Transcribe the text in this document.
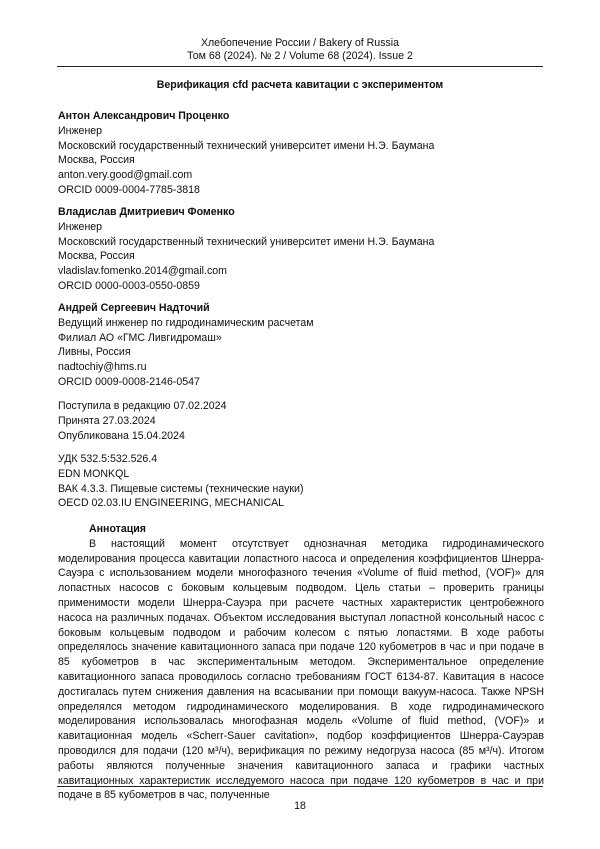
Хлебопечение России / Bakery of Russia
Том 68 (2024). № 2 / Volume 68 (2024). Issue 2
Верификация cfd расчета кавитации с экспериментом
Антон Александрович Проценко
Инженер
Московский государственный технический университет имени Н.Э. Баумана
Москва, Россия
anton.very.good@gmail.com
ORCID 0009-0004-7785-3818
Владислав Дмитриевич Фоменко
Инженер
Московский государственный технический университет имени Н.Э. Баумана
Москва, Россия
vladislav.fomenko.2014@gmail.com
ORCID 0000-0003-0550-0859
Андрей Сергеевич Надточий
Ведущий инженер по гидродинамическим расчетам
Филиал АО «ГМС Ливгидромаш»
Ливны, Россия
nadtochiy@hms.ru
ORCID 0009-0008-2146-0547
Поступила в редакцию 07.02.2024
Принята 27.03.2024
Опубликована 15.04.2024
УДК 532.5:532.526.4
EDN MONKQL
ВАК 4.3.3. Пищевые системы (технические науки)
OECD 02.03.IU ENGINEERING, MECHANICAL
Аннотация

В настоящий момент отсутствует однозначная методика гидродинамического моделирования процесса кавитации лопастного насоса и определения коэффициентов Шнерра-Сауэра с использованием модели многофазного течения «Volume of fluid method, (VOF)» для лопастных насосов с боковым кольцевым подводом. Цель статьи – проверить границы применимости модели Шнерра-Сауэра при расчете частных характеристик центробежного насоса на различных подачах. Объектом исследования выступал лопастной консольный насос с боковым кольцевым подводом и рабочим колесом с пятью лопастями. В ходе работы определялось значение кавитационного запаса при подаче 120 кубометров в час и при подаче в 85 кубометров в час экспериментальным методом. Экспериментальное определение кавитационного запаса проводилось согласно требованиям ГОСТ 6134-87. Кавитация в насосе достигалась путем снижения давления на всасывании при помощи вакуум-насоса. Также NPSH определялся методом гидродинамического моделирования. В ходе гидродинамического моделирования использовалась многофазная модель «Volume of fluid method, (VOF)» и кавитационная модель «Scherr-Sauer cavitation», подбор коэффициентов Шнерра-Сауэрав проводился для подачи (120 м³/ч), верификация по режиму недогруза насоса (85 м³/ч). Итогом работы являются полученные значения кавитационного запаса и графики частных кавитационных характеристик исследуемого насоса при подаче 120 кубометров в час и при подаче в 85 кубометров в час, полученные

18
